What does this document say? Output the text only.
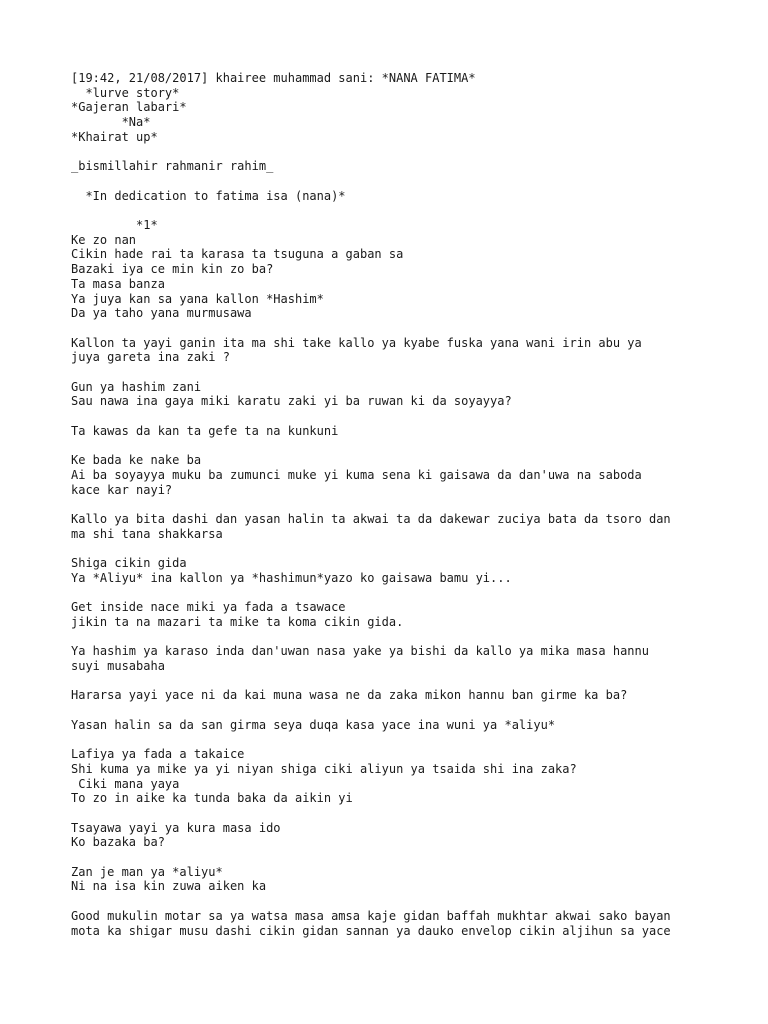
[19:42, 21/08/2017] khairee muhammad sani: *NANA FATIMA*
*lurve story*
*Gajeran labari*
*Na*
*Khairat up*
_bismillahir rahmanir rahim_
*In dedication to fatima isa (nana)*
*1*
Ke zo nan
Cikin hade rai ta karasa ta tsuguna a gaban sa
Bazaki iya ce min kin zo ba?
Ta masa banza
Ya juya kan sa yana kallon *Hashim*
Da ya taho yana murmusawa
Kallon ta yayi ganin ita ma shi take kallo ya kyabe fuska yana wani irin abu ya
juya gareta ina zaki ?
Gun ya hashim zani
Sau nawa ina gaya miki karatu zaki yi ba ruwan ki da soyayya?
Ta kawas da kan ta gefe ta na kunkuni
Ke bada ke nake ba
Ai ba soyayya muku ba zumunci muke yi kuma sena ki gaisawa da dan'uwa na saboda
kace kar nayi?
Kallo ya bita dashi dan yasan halin ta akwai ta da dakewar zuciya bata da tsoro dan
ma shi tana shakkarsa
Shiga cikin gida
Ya *Aliyu* ina kallon ya *hashimun*yazo ko gaisawa bamu yi...
Get inside nace miki ya fada a tsawace
jikin ta na mazari ta mike ta koma cikin gida.
Ya hashim ya karaso inda dan'uwan nasa yake ya bishi da kallo ya mika masa hannu
suyi musabaha
Hararsa yayi yace ni da kai muna wasa ne da zaka mikon hannu ban girme ka ba?
Yasan halin sa da san girma seya duqa kasa yace ina wuni ya *aliyu*
Lafiya ya fada a takaice
Shi kuma ya mike ya yi niyan shiga ciki aliyun ya tsaida shi ina zaka?
Ciki mana yaya
To zo in aike ka tunda baka da aikin yi
Tsayawa yayi ya kura masa ido
Ko bazaka ba?
Zan je man ya *aliyu*
Ni na isa kin zuwa aiken ka
Good mukulin motar sa ya watsa masa amsa kaje gidan baffah mukhtar akwai sako bayan
mota ka shigar musu dashi cikin gidan sannan ya dauko envelop cikin aljihun sa yace
